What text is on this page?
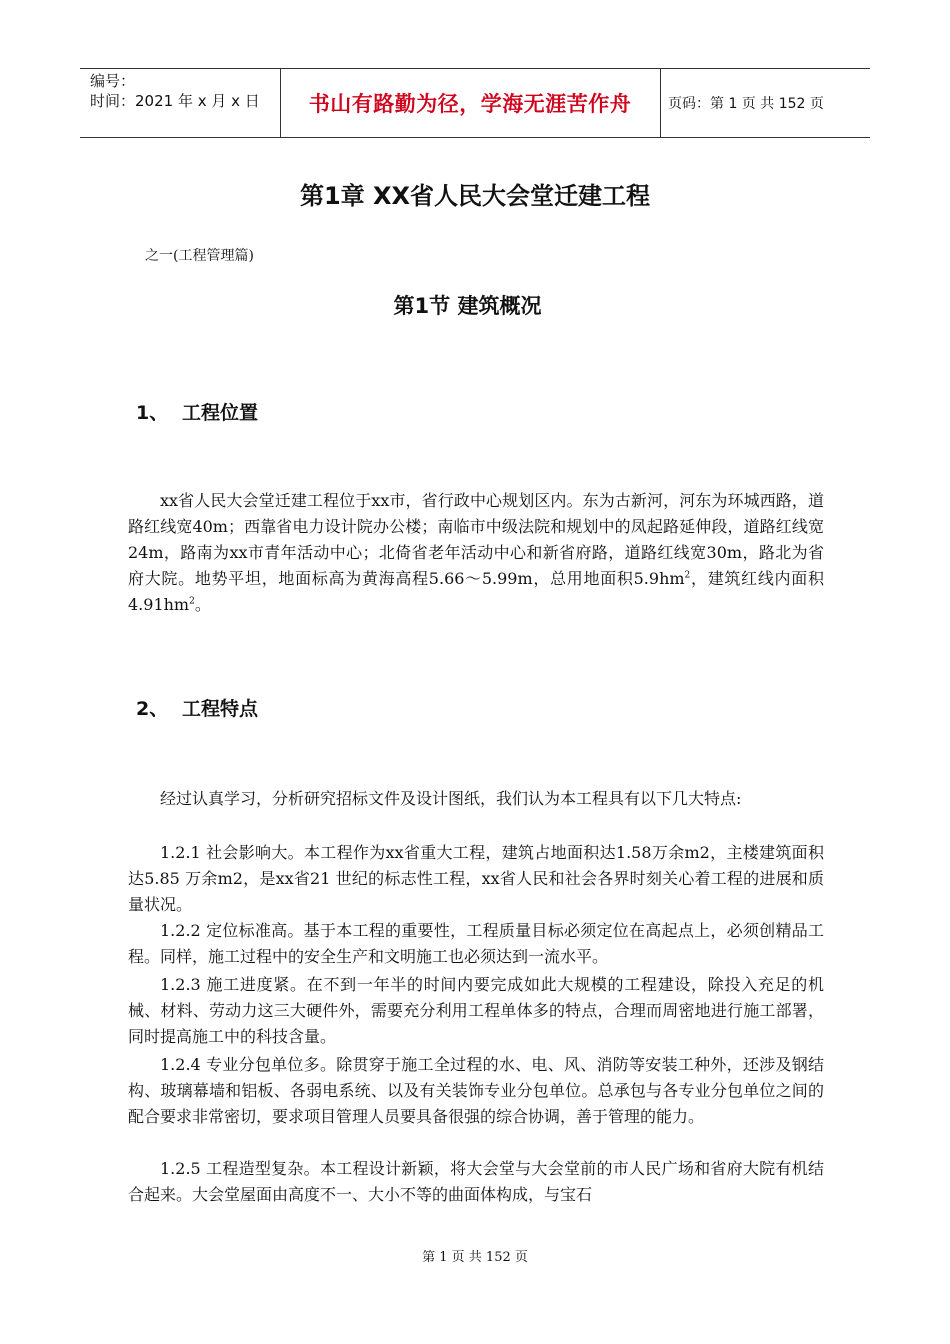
编号：
时间：2021 年 x 月 x 日	书山有路勤为径，学海无涯苦作舟	页码：第 1 页 共 152 页
第1章 XX省人民大会堂迁建工程
之一(工程管理篇)
第1节 建筑概况
1、 工程位置

xx省人民大会堂迁建工程位于xx市，省行政中心规划区内。东为古新河，河东为环城西路，道路红线宽40m；西靠省电力设计院办公楼；南临市中级法院和规划中的凤起路延伸段，道路红线宽24m，路南为xx市青年活动中心；北倚省老年活动中心和新省府路，道路红线宽30m，路北为省府大院。地势平坦，地面标高为黄海高程5.66～5.99m，总用地面积$5.9hm^2$，建筑红线内面积$4.91hm^2$。

2、 工程特点

经过认真学习，分析研究招标文件及设计图纸，我们认为本工程具有以下几大特点:

1.2.1 社会影响大。本工程作为xx省重大工程，建筑占地面积达1.58万余m2，主楼建筑面积达5.85 万余m2，是xx省21 世纪的标志性工程，xx省人民和社会各界时刻关心着工程的进展和质量状况。

1.2.2 定位标准高。基于本工程的重要性，工程质量目标必须定位在高起点上，必须创精品工程。同样，施工过程中的安全生产和文明施工也必须达到一流水平。

1.2.3 施工进度紧。在不到一年半的时间内要完成如此大规模的工程建设，除投入充足的机械、材料、劳动力这三大硬件外，需要充分利用工程单体多的特点，合理而周密地进行施工部署，同时提高施工中的科技含量。

1.2.4 专业分包单位多。除贯穿于施工全过程的水、电、风、消防等安装工种外，还涉及钢结构、玻璃幕墙和铝板、各弱电系统、以及有关装饰专业分包单位。总承包与各专业分包单位之间的配合要求非常密切，要求项目管理人员要具备很强的综合协调，善于管理的能力。

1.2.5 工程造型复杂。本工程设计新颖，将大会堂与大会堂前的市人民广场和省府大院有机结合起来。大会堂屋面由高度不一、大小不等的曲面体构成，与宝石

第 1 页 共 152 页
